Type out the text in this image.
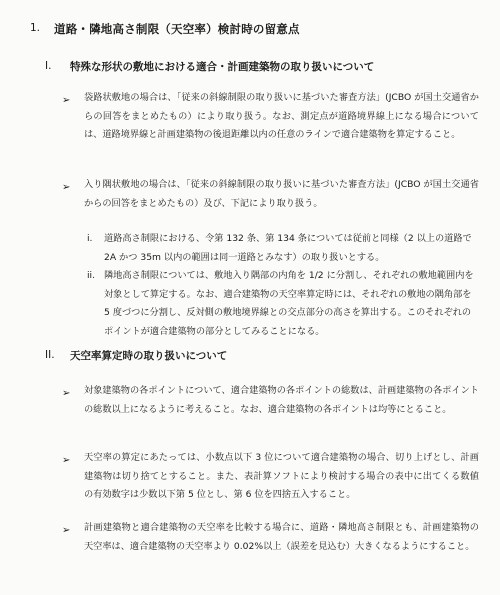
1. 道路・隣地高さ制限（天空率）検討時の留意点
I. 特殊な形状の敷地における適合・計画建築物の取り扱いについて
➢ 袋路状敷地の場合は、「従来の斜線制限の取り扱いに基づいた審査方法」(JCBO が国土交通省からの回答をまとめたもの）により取り扱う。なお、測定点が道路境界線上になる場合については、道路境界線と計画建築物の後退距離以内の任意のラインで適合建築物を算定すること。
➢ 入り隅状敷地の場合は、「従来の斜線制限の取り扱いに基づいた審査方法」(JCBO が国土交通省からの回答をまとめたもの）及び、下記により取り扱う。
i. 道路高さ制限における、令第 132 条、第 134 条については従前と同様（2 以上の道路で 2A かつ 35m 以内の範囲は同一道路とみなす）の取り扱いとする。
ii. 隣地高さ制限については、敷地入り隅部の内角を 1/2 に分割し、それぞれの敷地範囲内を対象として算定する。なお、適合建築物の天空率算定時には、それぞれの敷地の隅角部を 5 度づつに分割し、反対側の敷地境界線との交点部分の高さを算出する。このそれぞれのポイントが適合建築物の部分としてみることになる。
II. 天空率算定時の取り扱いについて
➢ 対象建築物の各ポイントについて、適合建築物の各ポイントの総数は、計画建築物の各ポイントの総数以上になるように考えること。なお、適合建築物の各ポイントは均等にとること。
➢ 天空率の算定にあたっては、小数点以下 3 位について適合建築物の場合、切り上げとし、計画建築物は切り捨てとすること。また、表計算ソフトにより検討する場合の表中に出てくる数値の有効数字は少数以下第 5 位とし、第 6 位を四捨五入すること。
➢ 計画建築物と適合建築物の天空率を比較する場合に、道路・隣地高さ制限とも、計画建築物の天空率は、適合建築物の天空率より 0.02%以上（誤差を見込む）大きくなるようにすること。
